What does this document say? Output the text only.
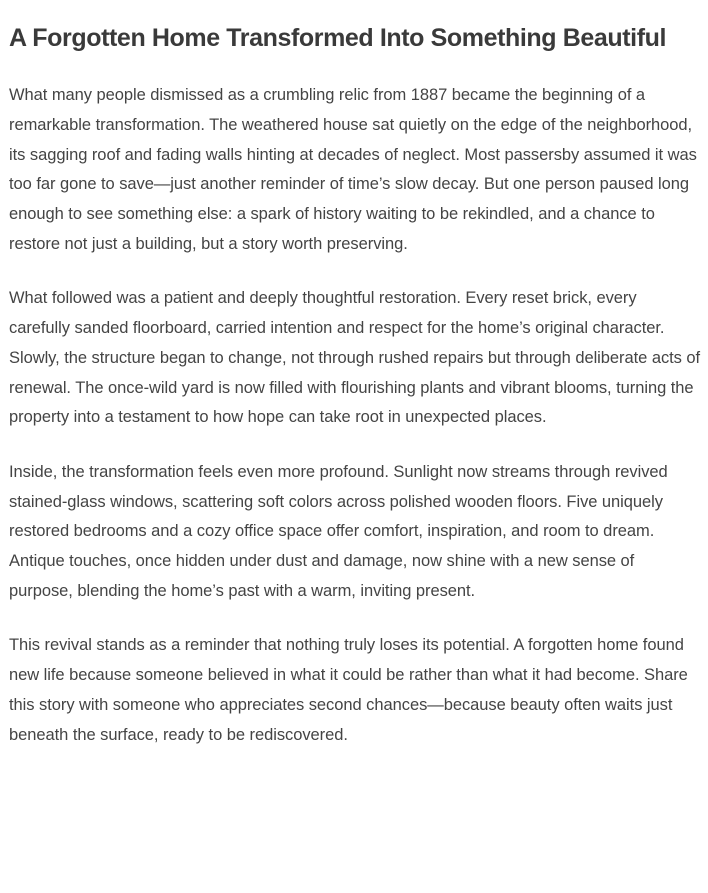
A Forgotten Home Transformed Into Something Beautiful

What many people dismissed as a crumbling relic from 1887 became the beginning of a remarkable transformation. The weathered house sat quietly on the edge of the neighborhood, its sagging roof and fading walls hinting at decades of neglect. Most passersby assumed it was too far gone to save—just another reminder of time’s slow decay. But one person paused long enough to see something else: a spark of history waiting to be rekindled, and a chance to restore not just a building, but a story worth preserving.

What followed was a patient and deeply thoughtful restoration. Every reset brick, every carefully sanded floorboard, carried intention and respect for the home’s original character. Slowly, the structure began to change, not through rushed repairs but through deliberate acts of renewal. The once-wild yard is now filled with flourishing plants and vibrant blooms, turning the property into a testament to how hope can take root in unexpected places.

Inside, the transformation feels even more profound. Sunlight now streams through revived stained-glass windows, scattering soft colors across polished wooden floors. Five uniquely restored bedrooms and a cozy office space offer comfort, inspiration, and room to dream. Antique touches, once hidden under dust and damage, now shine with a new sense of purpose, blending the home’s past with a warm, inviting present.

This revival stands as a reminder that nothing truly loses its potential. A forgotten home found new life because someone believed in what it could be rather than what it had become. Share this story with someone who appreciates second chances—because beauty often waits just beneath the surface, ready to be rediscovered.
